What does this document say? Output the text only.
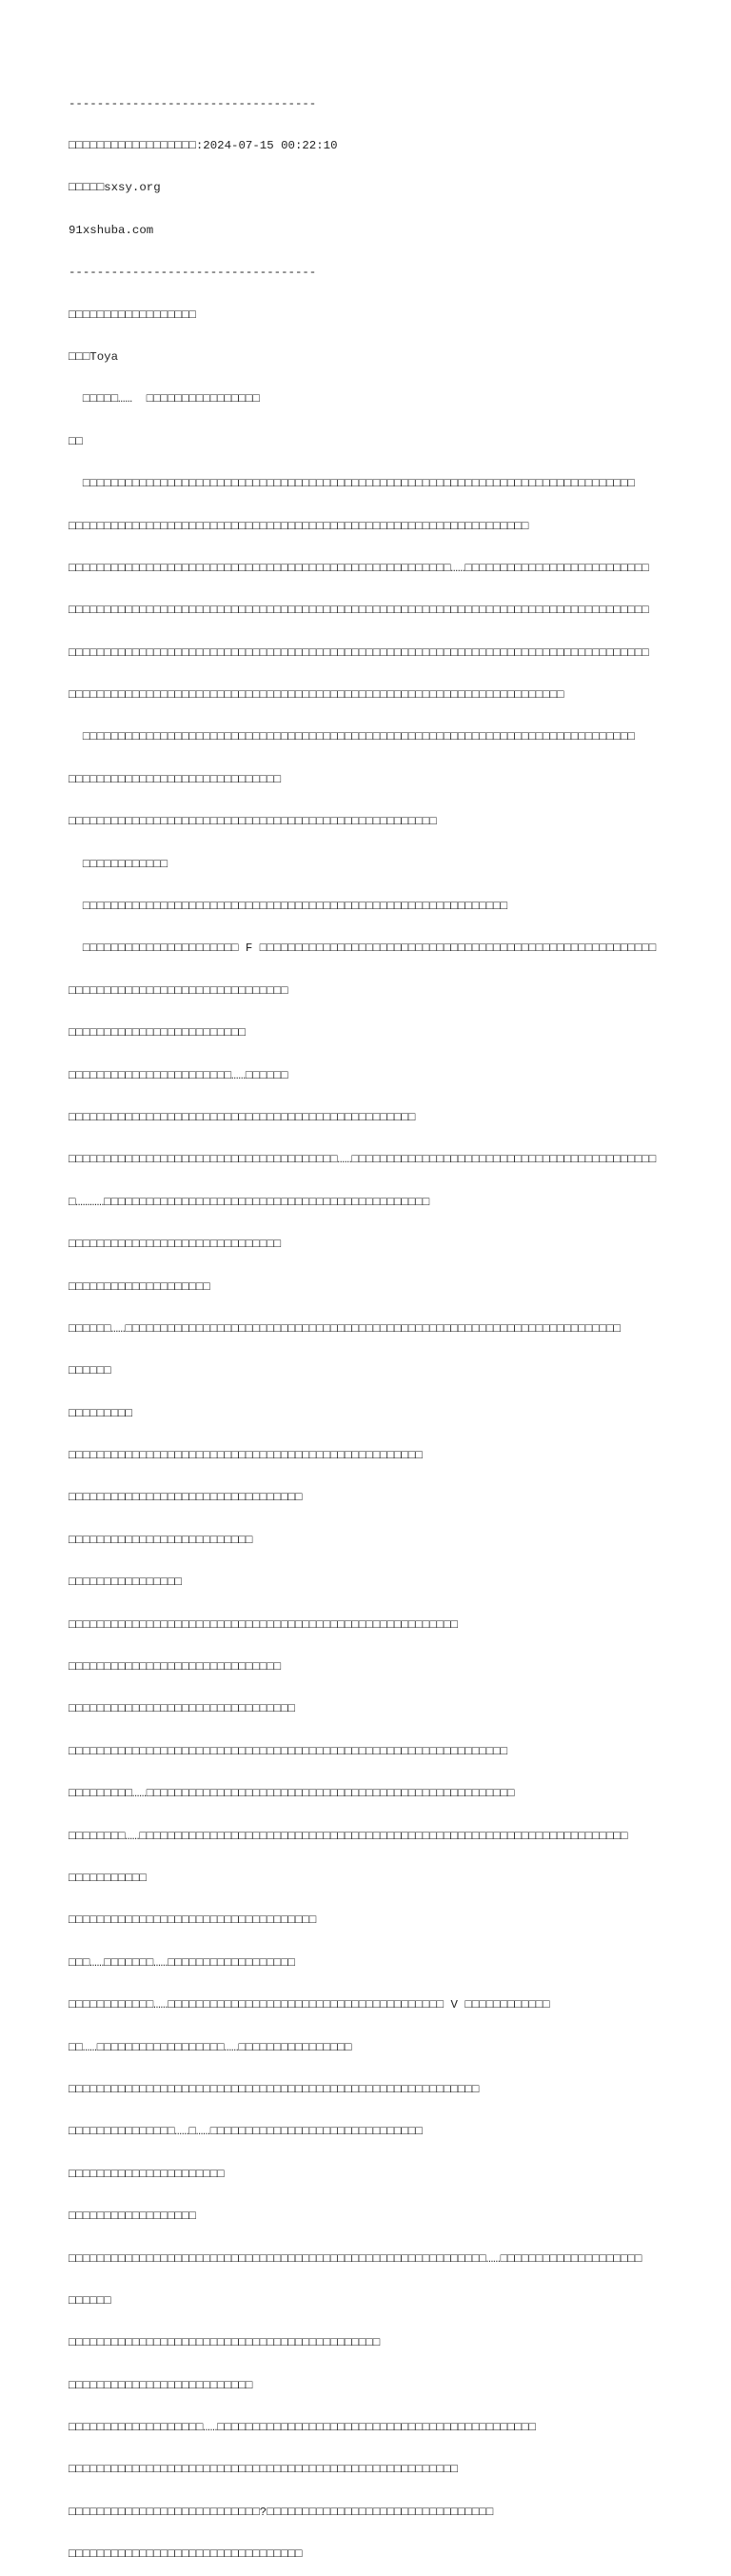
-----------------------------------

□□□□□□□□□□□□□□□□□□:2024-07-15 00:22:10

□□□□□sxsy.org

91xshuba.com

-----------------------------------

□□□□□□□□□□□□□□□□□□

□□□Toya

□□□□□……  □□□□□□□□□□□□□□□□

□□

□□□□□□□□□□□□□□□□□□□□□□□□□□□□□□□□□□□□□□□□□□□□□□□□□□□□□□□□□□□□□□□□□□□□□□□□□□□□□□

□□□□□□□□□□□□□□□□□□□□□□□□□□□□□□□□□□□□□□□□□□□□□□□□□□□□□□□□□□□□□□□□□

□□□□□□□□□□□□□□□□□□□□□□□□□□□□□□□□□□□□□□□□□□□□□□□□□□□□□□……□□□□□□□□□□□□□□□□□□□□□□□□□□

□□□□□□□□□□□□□□□□□□□□□□□□□□□□□□□□□□□□□□□□□□□□□□□□□□□□□□□□□□□□□□□□□□□□□□□□□□□□□□□□□□

□□□□□□□□□□□□□□□□□□□□□□□□□□□□□□□□□□□□□□□□□□□□□□□□□□□□□□□□□□□□□□□□□□□□□□□□□□□□□□□□□□

□□□□□□□□□□□□□□□□□□□□□□□□□□□□□□□□□□□□□□□□□□□□□□□□□□□□□□□□□□□□□□□□□□□□□□

□□□□□□□□□□□□□□□□□□□□□□□□□□□□□□□□□□□□□□□□□□□□□□□□□□□□□□□□□□□□□□□□□□□□□□□□□□□□□□

□□□□□□□□□□□□□□□□□□□□□□□□□□□□□□

□□□□□□□□□□□□□□□□□□□□□□□□□□□□□□□□□□□□□□□□□□□□□□□□□□□□

□□□□□□□□□□□□

□□□□□□□□□□□□□□□□□□□□□□□□□□□□□□□□□□□□□□□□□□□□□□□□□□□□□□□□□□□□

□□□□□□□□□□□□□□□□□□□□□□ F □□□□□□□□□□□□□□□□□□□□□□□□□□□□□□□□□□□□□□□□□□□□□□□□□□□□□□□□

□□□□□□□□□□□□□□□□□□□□□□□□□□□□□□□

□□□□□□□□□□□□□□□□□□□□□□□□□

□□□□□□□□□□□□□□□□□□□□□□□……□□□□□□

□□□□□□□□□□□□□□□□□□□□□□□□□□□□□□□□□□□□□□□□□□□□□□□□□

□□□□□□□□□□□□□□□□□□□□□□□□□□□□□□□□□□□□□□……□□□□□□□□□□□□□□□□□□□□□□□□□□□□□□□□□□□□□□□□□□□

□…………□□□□□□□□□□□□□□□□□□□□□□□□□□□□□□□□□□□□□□□□□□□□□□

□□□□□□□□□□□□□□□□□□□□□□□□□□□□□□

□□□□□□□□□□□□□□□□□□□□

□□□□□□……□□□□□□□□□□□□□□□□□□□□□□□□□□□□□□□□□□□□□□□□□□□□□□□□□□□□□□□□□□□□□□□□□□□□□□

□□□□□□

□□□□□□□□□

□□□□□□□□□□□□□□□□□□□□□□□□□□□□□□□□□□□□□□□□□□□□□□□□□□

□□□□□□□□□□□□□□□□□□□□□□□□□□□□□□□□□

□□□□□□□□□□□□□□□□□□□□□□□□□□

□□□□□□□□□□□□□□□□

□□□□□□□□□□□□□□□□□□□□□□□□□□□□□□□□□□□□□□□□□□□□□□□□□□□□□□□

□□□□□□□□□□□□□□□□□□□□□□□□□□□□□□

□□□□□□□□□□□□□□□□□□□□□□□□□□□□□□□□

□□□□□□□□□□□□□□□□□□□□□□□□□□□□□□□□□□□□□□□□□□□□□□□□□□□□□□□□□□□□□□

□□□□□□□□□……□□□□□□□□□□□□□□□□□□□□□□□□□□□□□□□□□□□□□□□□□□□□□□□□□□□□

□□□□□□□□……□□□□□□□□□□□□□□□□□□□□□□□□□□□□□□□□□□□□□□□□□□□□□□□□□□□□□□□□□□□□□□□□□□□□□

□□□□□□□□□□□

□□□□□□□□□□□□□□□□□□□□□□□□□□□□□□□□□□□

□□□……□□□□□□□……□□□□□□□□□□□□□□□□□□

□□□□□□□□□□□□……□□□□□□□□□□□□□□□□□□□□□□□□□□□□□□□□□□□□□□□ V □□□□□□□□□□□□

□□……□□□□□□□□□□□□□□□□□□……□□□□□□□□□□□□□□□□

□□□□□□□□□□□□□□□□□□□□□□□□□□□□□□□□□□□□□□□□□□□□□□□□□□□□□□□□□□

□□□□□□□□□□□□□□□……□……□□□□□□□□□□□□□□□□□□□□□□□□□□□□□□

□□□□□□□□□□□□□□□□□□□□□□

□□□□□□□□□□□□□□□□□□

□□□□□□□□□□□□□□□□□□□□□□□□□□□□□□□□□□□□□□□□□□□□□□□□□□□□□□□□□□□……□□□□□□□□□□□□□□□□□□□□

□□□□□□

□□□□□□□□□□□□□□□□□□□□□□□□□□□□□□□□□□□□□□□□□□□□

□□□□□□□□□□□□□□□□□□□□□□□□□□

□□□□□□□□□□□□□□□□□□□……□□□□□□□□□□□□□□□□□□□□□□□□□□□□□□□□□□□□□□□□□□□□□

□□□□□□□□□□□□□□□□□□□□□□□□□□□□□□□□□□□□□□□□□□□□□□□□□□□□□□□

□□□□□□□□□□□□□□□□□□□□□□□□□□□?□□□□□□□□□□□□□□□□□□□□□□□□□□□□□□□□

□□□□□□□□□□□□□□□□□□□□□□□□□□□□□□□□□
